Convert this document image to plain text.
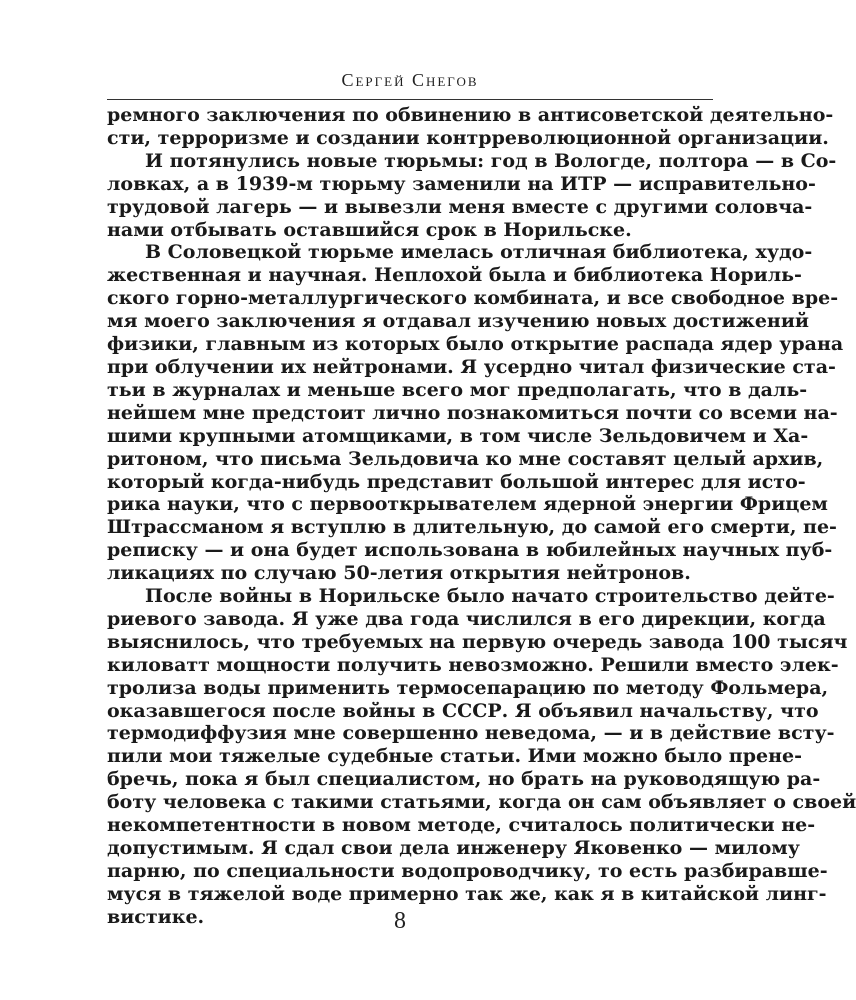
Сергей Снегов
ремного заключения по обвинению в антисоветской деятельно-
сти, терроризме и создании контрреволюционной организации.
И потянулись новые тюрьмы: год в Вологде, полтора — в Со-
ловках, а в 1939-м тюрьму заменили на ИТР — исправительно-
трудовой лагерь — и вывезли меня вместе с другими соловча-
нами отбывать оставшийся срок в Норильске.
В Соловецкой тюрьме имелась отличная библиотека, худо-
жественная и научная. Неплохой была и библиотека Нориль-
ского горно-металлургического комбината, и все свободное вре-
мя моего заключения я отдавал изучению новых достижений
физики, главным из которых было открытие распада ядер урана
при облучении их нейтронами. Я усердно читал физические ста-
тьи в журналах и меньше всего мог предполагать, что в даль-
нейшем мне предстоит лично познакомиться почти со всеми на-
шими крупными атомщиками, в том числе Зельдовичем и Ха-
ритоном, что письма Зельдовича ко мне составят целый архив,
который когда-нибудь представит большой интерес для исто-
рика науки, что с первооткрывателем ядерной энергии Фрицем
Штрассманом я вступлю в длительную, до самой его смерти, пе-
реписку — и она будет использована в юбилейных научных пуб-
ликациях по случаю 50-летия открытия нейтронов.
После войны в Норильске было начато строительство дейте-
риевого завода. Я уже два года числился в его дирекции, когда
выяснилось, что требуемых на первую очередь завода 100 тысяч
киловатт мощности получить невозможно. Решили вместо элек-
тролиза воды применить термосепарацию по методу Фольмера,
оказавшегося после войны в СССР. Я объявил начальству, что
термодиффузия мне совершенно неведома, — и в действие всту-
пили мои тяжелые судебные статьи. Ими можно было прене-
бречь, пока я был специалистом, но брать на руководящую ра-
боту человека с такими статьями, когда он сам объявляет о своей
некомпетентности в новом методе, считалось политически не-
допустимым. Я сдал свои дела инженеру Яковенко — милому
парню, по специальности водопроводчику, то есть разбиравше-
муся в тяжелой воде примерно так же, как я в китайской линг-
вистике.	8
